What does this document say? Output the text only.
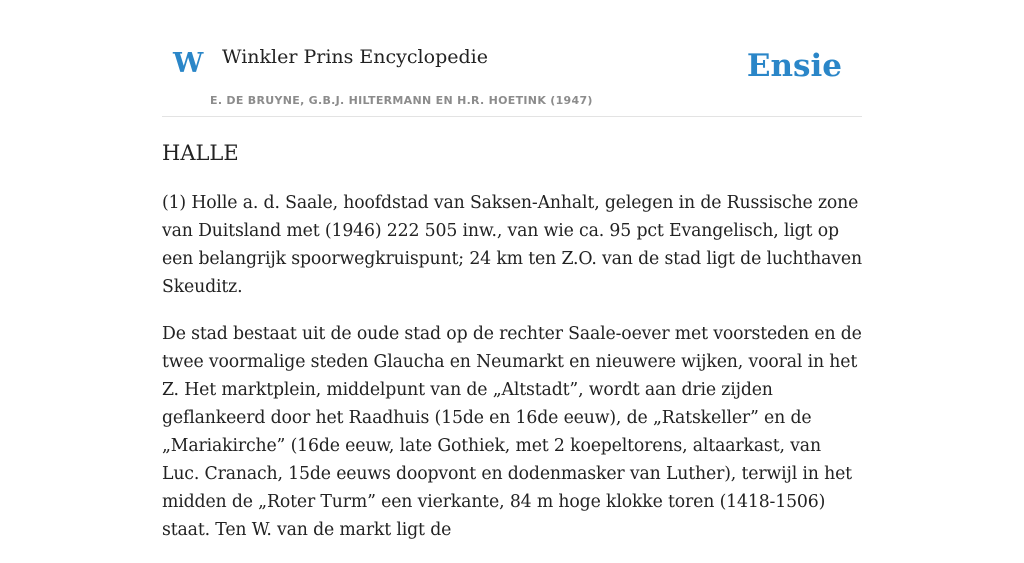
W Winkler Prins Encyclopedie
E. DE BRUYNE, G.B.J. HILTERMANN EN H.R. HOETINK (1947)
Ensie
HALLE

(1) Holle a. d. Saale, hoofdstad van Saksen-Anhalt, gelegen in de Russische zone van Duitsland met (1946) 222 505 inw., van wie ca. 95 pct Evangelisch, ligt op een belangrijk spoorwegkruispunt; 24 km ten Z.O. van de stad ligt de luchthaven Skeuditz.

De stad bestaat uit de oude stad op de rechter Saale-oever met voorsteden en de twee voormalige steden Glaucha en Neumarkt en nieuwere wijken, vooral in het Z. Het marktplein, middelpunt van de „Altstadt”, wordt aan drie zijden geflankeerd door het Raadhuis (15de en 16de eeuw), de „Ratskeller” en de „Mariakirche” (16de eeuw, late Gothiek, met 2 koepeltorens, altaarkast, van Luc. Cranach, 15de eeuws doopvont en dodenmasker van Luther), terwijl in het midden de „Roter Turm” een vierkante, 84 m hoge klokke toren (1418-1506) staat. Ten W. van de markt ligt de
